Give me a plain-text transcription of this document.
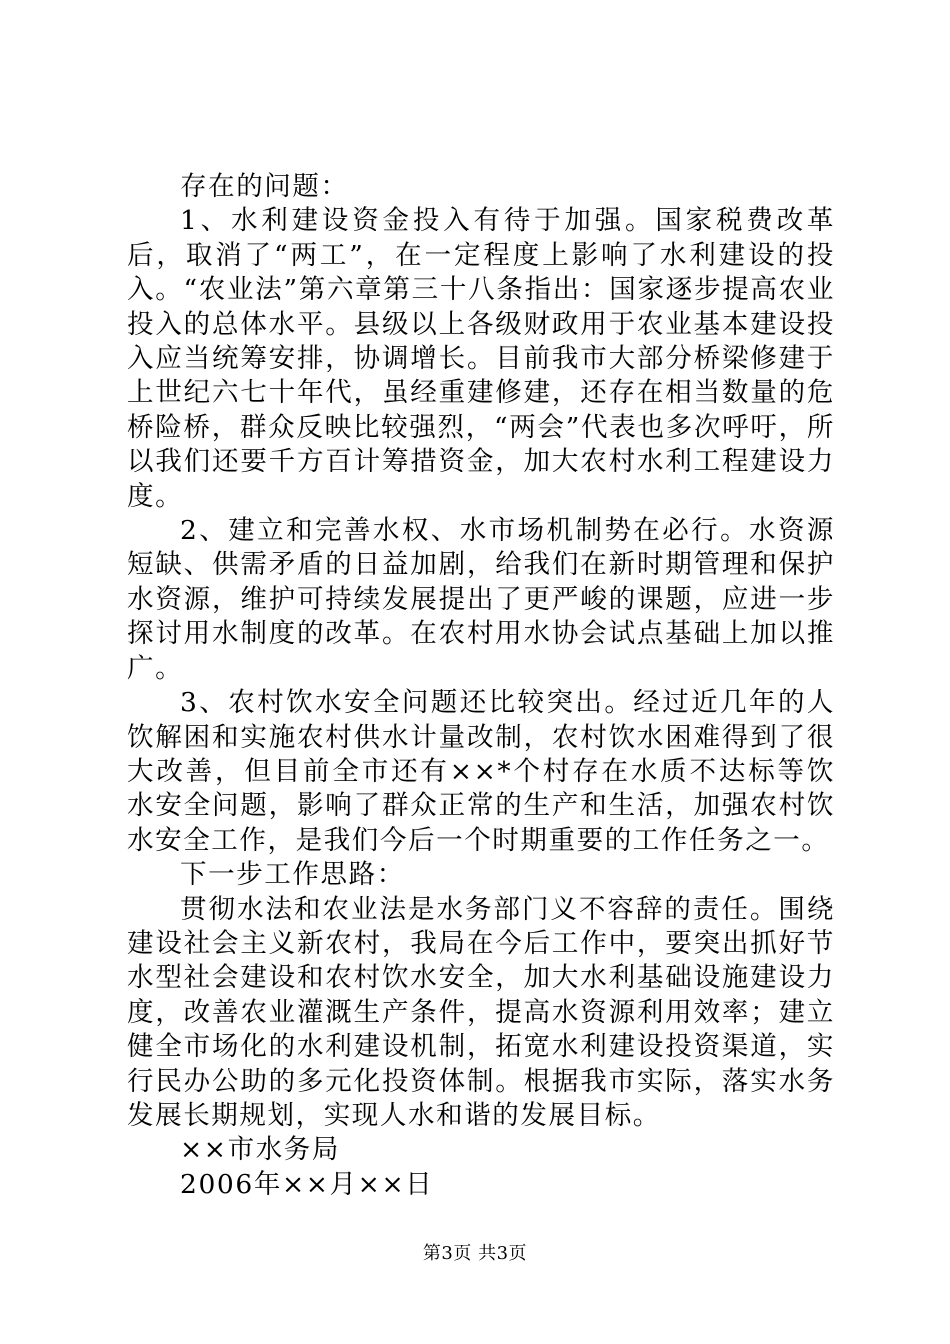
存在的问题：

1、水利建设资金投入有待于加强。国家税费改革后，取消了“两工”，在一定程度上影响了水利建设的投入。“农业法”第六章第三十八条指出：国家逐步提高农业投入的总体水平。县级以上各级财政用于农业基本建设投入应当统筹安排，协调增长。目前我市大部分桥梁修建于上世纪六七十年代，虽经重建修建，还存在相当数量的危桥险桥，群众反映比较强烈，“两会”代表也多次呼吁，所以我们还要千方百计筹措资金，加大农村水利工程建设力度。

2、建立和完善水权、水市场机制势在必行。水资源短缺、供需矛盾的日益加剧，给我们在新时期管理和保护水资源，维护可持续发展提出了更严峻的课题，应进一步探讨用水制度的改革。在农村用水协会试点基础上加以推广。

3、农村饮水安全问题还比较突出。经过近几年的人饮解困和实施农村供水计量改制，农村饮水困难得到了很大改善，但目前全市还有××*个村存在水质不达标等饮水安全问题，影响了群众正常的生产和生活，加强农村饮水安全工作，是我们今后一个时期重要的工作任务之一。

下一步工作思路：

贯彻水法和农业法是水务部门义不容辞的责任。围绕建设社会主义新农村，我局在今后工作中，要突出抓好节水型社会建设和农村饮水安全，加大水利基础设施建设力度，改善农业灌溉生产条件，提高水资源利用效率；建立健全市场化的水利建设机制，拓宽水利建设投资渠道，实行民办公助的多元化投资体制。根据我市实际，落实水务发展长期规划，实现人水和谐的发展目标。

××市水务局

2006年××月××日

第3页 共3页
